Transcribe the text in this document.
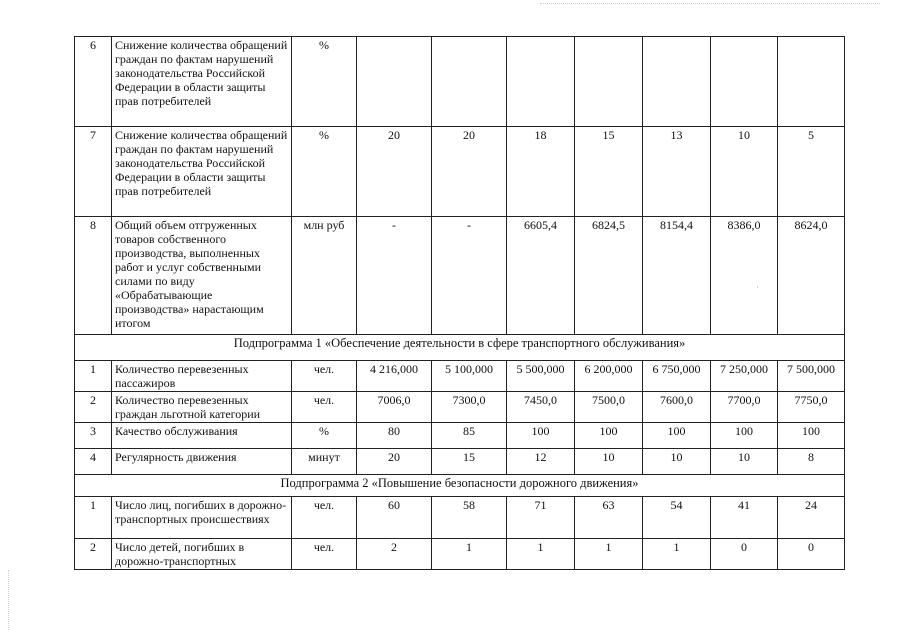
6	Снижение количества обращений граждан по фактам нарушений законодательства Российской Федерации в области защиты прав потребителей	%							
7	Снижение количества обращений граждан по фактам нарушений законодательства Российской Федерации в области защиты прав потребителей	%	20	20	18	15	13	10	5
8	Общий объем отгруженных товаров собственного производства, выполненных работ и услуг собственными силами по виду «Обрабатывающие производства» нарастающим итогом	млн руб	-	-	6605,4	6824,5	8154,4	8386,0	8624,0
Подпрограмма 1 «Обеспечение деятельности в сфере транспортного обслуживания»									
1	Количество перевезенных пассажиров	чел.	4 216,000	5 100,000	5 500,000	6 200,000	6 750,000	7 250,000	7 500,000
2	Количество перевезенных граждан льготной категории	чел.	7006,0	7300,0	7450,0	7500,0	7600,0	7700,0	7750,0
3	Качество обслуживания	%	80	85	100	100	100	100	100
4	Регулярность движения	минут	20	15	12	10	10	10	8
Подпрограмма 2 «Повышение безопасности дорожного движения»									
1	Число лиц, погибших в дорожно-транспортных происшествиях	чел.	60	58	71	63	54	41	24
2	Число детей, погибших в дорожно-транспортных	чел.	2	1	1	1	1	0	0
·
